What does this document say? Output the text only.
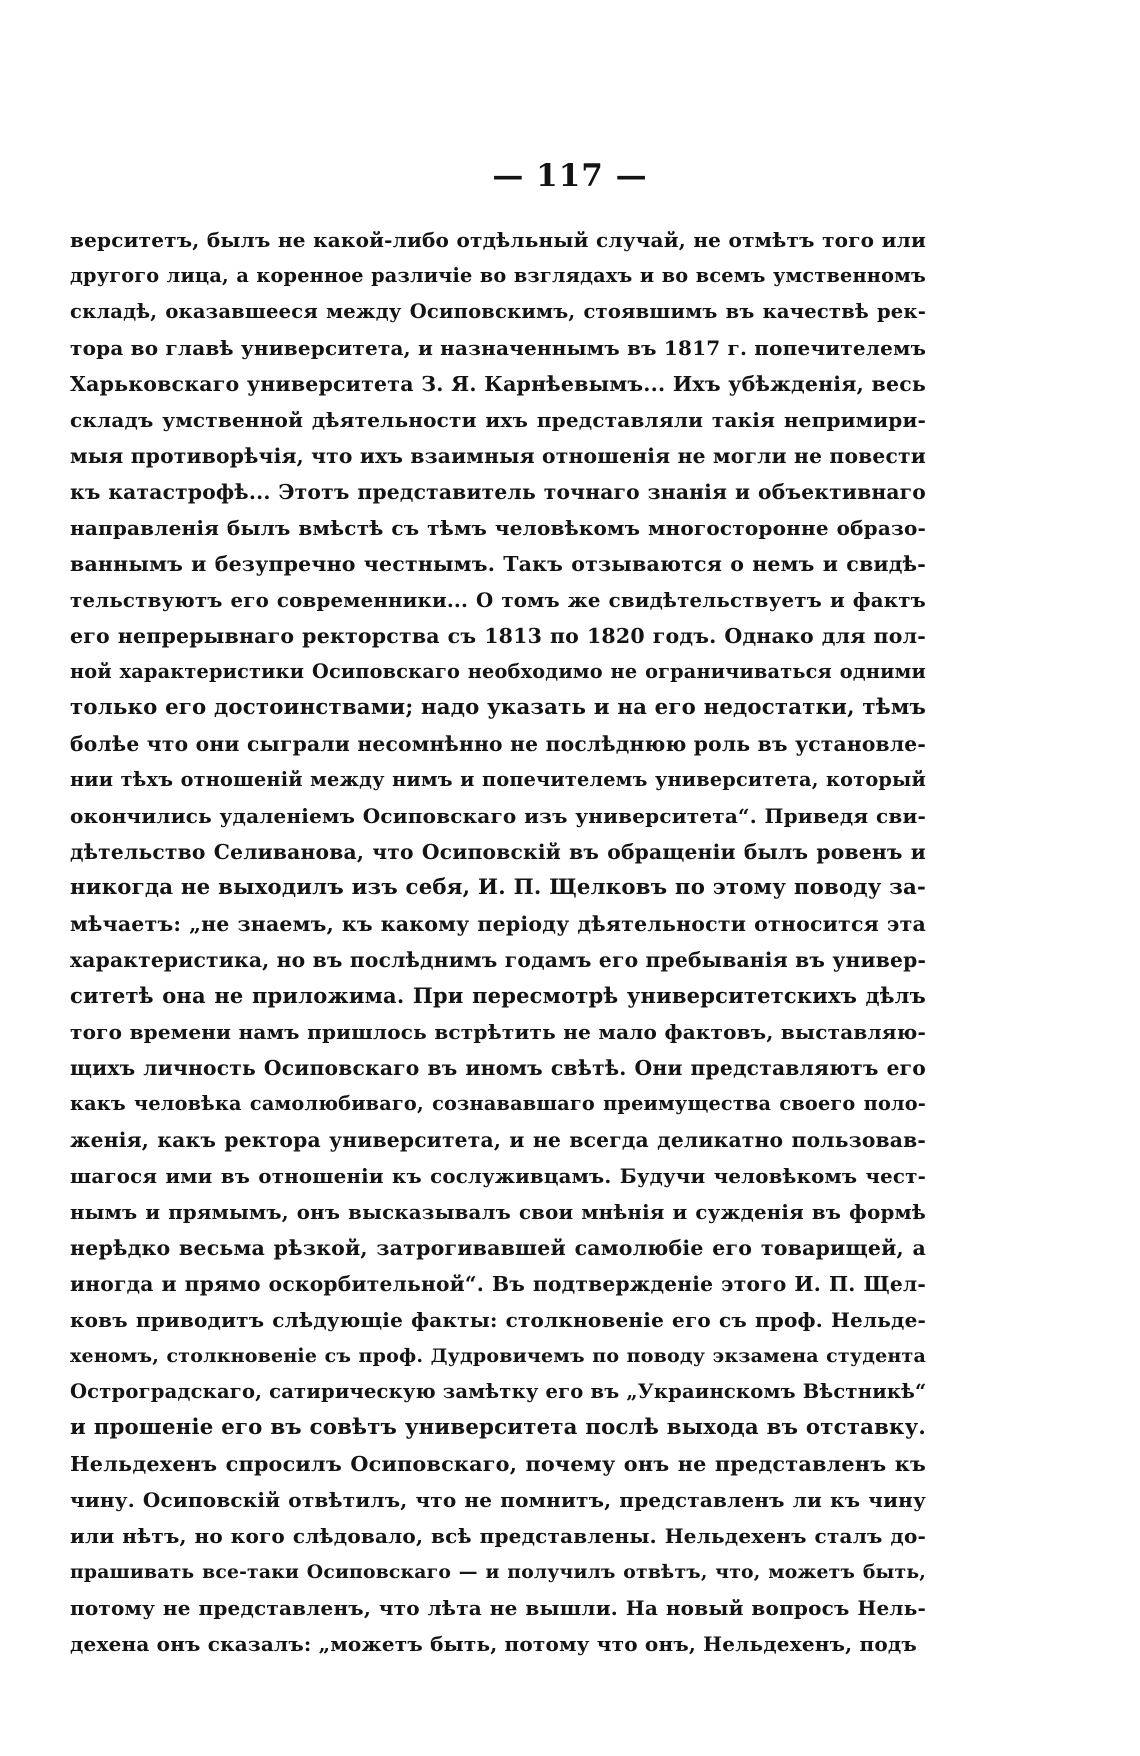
— 117 —
верситетъ, былъ не какой-либо отдѣльный случай, не отмѣтъ того или
другого лица, а коренное различіе во взглядахъ и во всемъ умственномъ
складѣ, оказавшееся между Осиповскимъ, стоявшимъ въ качествѣ рек-
тора во главѣ университета, и назначеннымъ въ 1817 г. попечителемъ
Харьковскаго университета З. Я. Карнѣевымъ... Ихъ убѣжденія, весь
складъ умственной дѣятельности ихъ представляли такія непримири-
мыя противорѣчія, что ихъ взаимныя отношенія не могли не повести
къ катастрофѣ... Этотъ представитель точнаго знанія и объективнаго
направленія былъ вмѣстѣ съ тѣмъ человѣкомъ многосторонне образо-
ваннымъ и безупречно честнымъ. Такъ отзываются о немъ и свидѣ-
тельствуютъ его современники... О томъ же свидѣтельствуетъ и фактъ
его непрерывнаго ректорства съ 1813 по 1820 годъ. Однако для пол-
ной характеристики Осиповскаго необходимо не ограничиваться одними
только его достоинствами; надо указать и на его недостатки, тѣмъ
болѣе что они сыграли несомнѣнно не послѣднюю роль въ установле-
нии тѣхъ отношеній между нимъ и попечителемъ университета, который
окончились удаленіемъ Осиповскаго изъ университета“. Приведя сви-
дѣтельство Селиванова, что Осиповскій въ обращеніи былъ ровенъ и
никогда не выходилъ изъ себя, И. П. Щелковъ по этому поводу за-
мѣчаетъ: „не знаемъ, къ какому періоду дѣятельности относится эта
характеристика, но въ послѣднимъ годамъ его пребыванія въ универ-
ситетѣ она не приложима. При пересмотрѣ университетскихъ дѣлъ
того времени намъ пришлось встрѣтить не мало фактовъ, выставляю-
щихъ личность Осиповскаго въ иномъ свѣтѣ. Они представляютъ его
какъ человѣка самолюбиваго, сознававшаго преимущества своего поло-
женія, какъ ректора университета, и не всегда деликатно пользовав-
шагося ими въ отношеніи къ сослуживцамъ. Будучи человѣкомъ чест-
нымъ и прямымъ, онъ высказывалъ свои мнѣнія и сужденія въ формѣ
нерѣдко весьма рѣзкой, затрогивавшей самолюбіе его товарищей, а
иногда и прямо оскорбительной“. Въ подтвержденіе этого И. П. Щел-
ковъ приводитъ слѣдующіе факты: столкновеніе его съ проф. Нельде-
хеномъ, столкновеніе съ проф. Дудровичемъ по поводу экзамена студента
Остроградскаго, сатирическую замѣтку его въ „Украинскомъ Вѣстникѣ“
и прошеніе его въ совѣтъ университета послѣ выхода въ отставку.
Нельдехенъ спросилъ Осиповскаго, почему онъ не представленъ къ
чину. Осиповскій отвѣтилъ, что не помнитъ, представленъ ли къ чину
или нѣтъ, но кого слѣдовало, всѣ представлены. Нельдехенъ сталъ до-
прашивать все-таки Осиповскаго — и получилъ отвѣтъ, что, можетъ быть,
потому не представленъ, что лѣта не вышли. На новый вопросъ Нель-
дехена онъ сказалъ: „можетъ быть, потому что онъ, Нельдехенъ, подъ
